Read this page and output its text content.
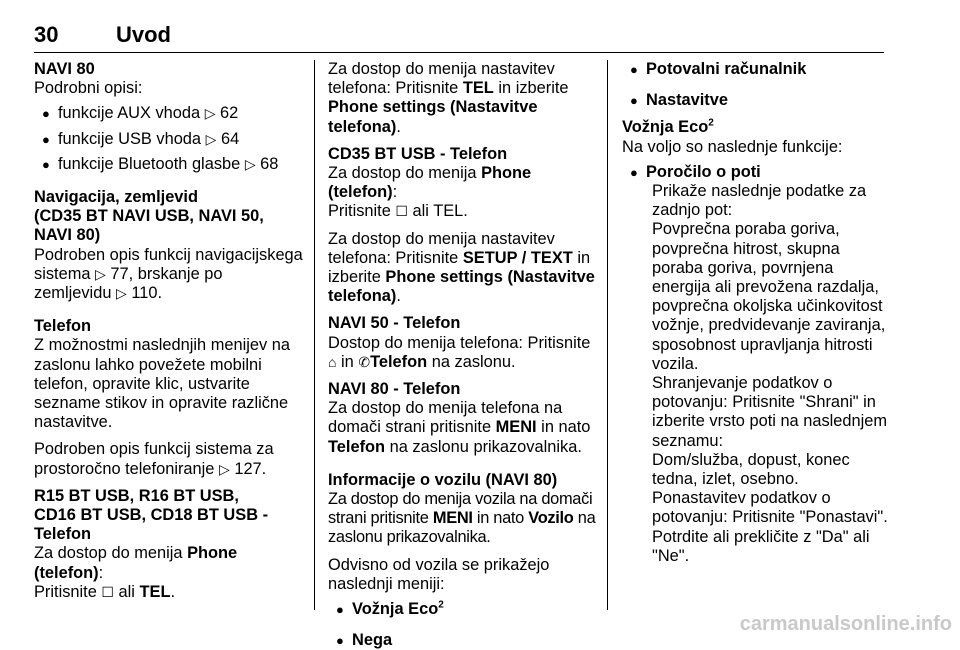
30	Uvod

NAVI 80

Podrobni opisi:

● funkcije AUX vhoda ▷ 62

● funkcije USB vhoda ▷ 64

● funkcije Bluetooth glasbe ▷ 68

Navigacija, zemljevid
(CD35 BT NAVI USB, NAVI 50,
NAVI 80)

Podroben opis funkcij navigacijskega
sistema ▷ 77, brskanje po
zemljevidu ▷ 110.

Telefon

Z možnostmi naslednjih menijev na
zaslonu lahko povežete mobilni
telefon, opravite klic, ustvarite
sezname stikov in opravite različne
nastavitve.

Podroben opis funkcij sistema za
prostoročno telefoniranje ▷ 127.

R15 BT USB, R16 BT USB,
CD16 BT USB, CD18 BT USB -
Telefon

Za dostop do menija Phone (telefon):
Pritisnite ☐ ali TEL.

Za dostop do menija nastavitev
telefona: Pritisnite TEL in izberite
Phone settings (Nastavitve telefona).

CD35 BT USB - Telefon

Za dostop do menija Phone (telefon):
Pritisnite ☐ ali TEL.

Za dostop do menija nastavitev
telefona: Pritisnite SETUP / TEXT in
izberite Phone settings (Nastavitve
telefona).

NAVI 50 - Telefon

Dostop do menija telefona: Pritisnite
⌂ in ✆Telefon na zaslonu.

NAVI 80 - Telefon

Za dostop do menija telefona na
domači strani pritisnite MENI in nato
Telefon na zaslonu prikazovalnika.

Informacije o vozilu (NAVI 80)

Za dostop do menija vozila na domači
strani pritisnite MENI in nato Vozilo na
zaslonu prikazovalnika.

Odvisno od vozila se prikažejo
naslednji meniji:

● Vožnja Eco$^2$

● Nega

● Potovalni računalnik

● Nastavitve

Vožnja Eco$^2$

Na voljo so naslednje funkcije:

● Poročilo o poti

Prikaže naslednje podatke za
zadnjo pot:

Povprečna poraba goriva,
povprečna hitrost, skupna
poraba goriva, povrnjena
energija ali prevožena razdalja,
povprečna okoljska učinkovitost
vožnje, predvidevanje zaviranja,
sposobnost upravljanja hitrosti
vozila.

Shranjevanje podatkov o
potovanju: Pritisnite "Shrani" in
izberite vrsto poti na naslednjem
seznamu:

Dom/služba, dopust, konec
tedna, izlet, osebno.

Ponastavitev podatkov o
potovanju: Pritisnite "Ponastavi".
Potrdite ali prekličite z "Da" ali
"Ne".

carmanualsonline.info
